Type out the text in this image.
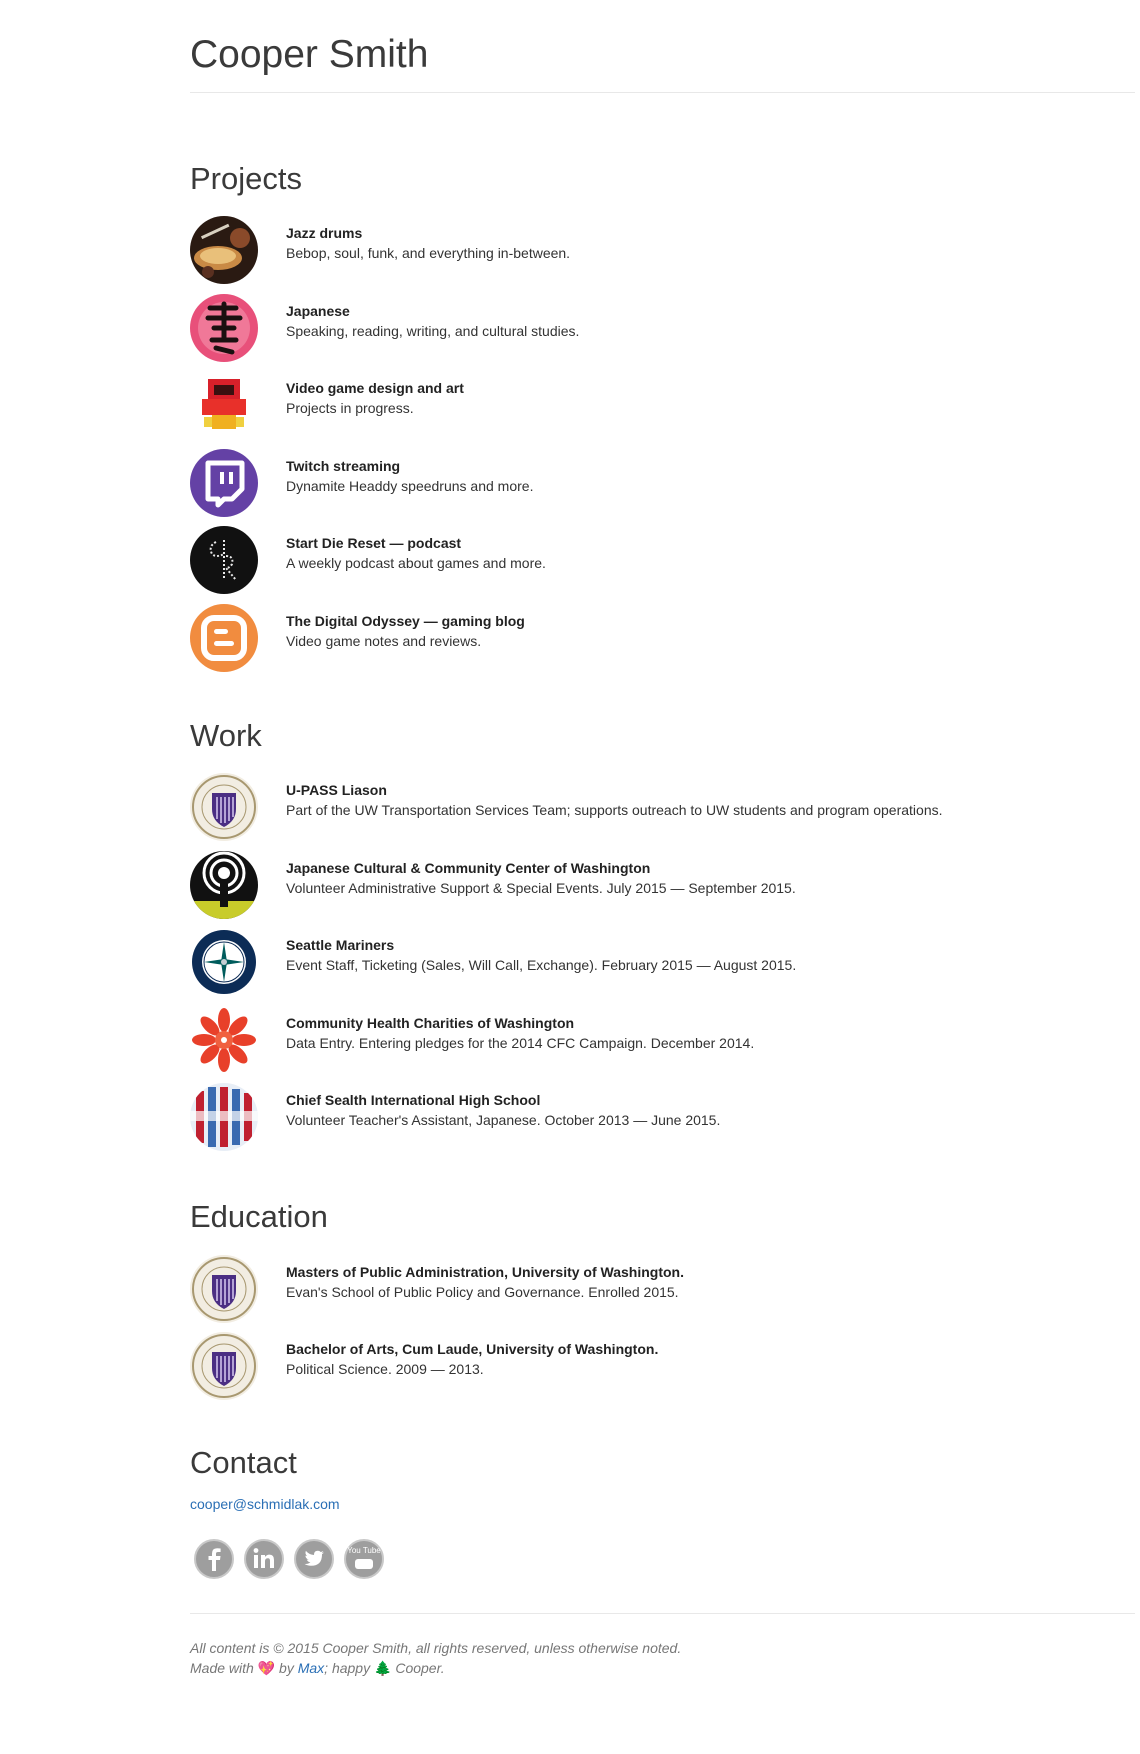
Cooper Smith
Projects
Jazz drums
Bebop, soul, funk, and everything in-between.
Japanese
Speaking, reading, writing, and cultural studies.
Video game design and art
Projects in progress.
Twitch streaming
Dynamite Headdy speedruns and more.
Start Die Reset — podcast
A weekly podcast about games and more.
The Digital Odyssey — gaming blog
Video game notes and reviews.
Work
U-PASS Liason
Part of the UW Transportation Services Team; supports outreach to UW students and program operations.
Japanese Cultural & Community Center of Washington
Volunteer Administrative Support & Special Events. July 2015 — September 2015.
Seattle Mariners
Event Staff, Ticketing (Sales, Will Call, Exchange). February 2015 — August 2015.
Community Health Charities of Washington
Data Entry. Entering pledges for the 2014 CFC Campaign. December 2014.
Chief Sealth International High School
Volunteer Teacher's Assistant, Japanese. October 2013 — June 2015.
Education
Masters of Public Administration, University of Washington.
Evan's School of Public Policy and Governance. Enrolled 2015.
Bachelor of Arts, Cum Laude, University of Washington.
Political Science. 2009 — 2013.
Contact
cooper@schmidlak.com
You Tube
All content is © 2015 Cooper Smith, all rights reserved, unless otherwise noted.
Made with 💖 by Max; happy 🌲 Cooper.
